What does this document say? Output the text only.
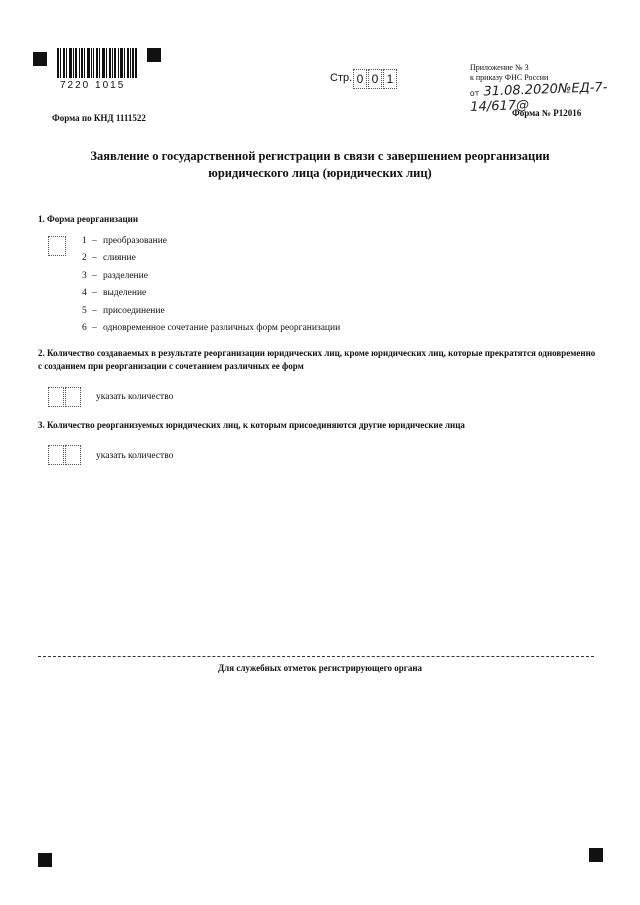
7220 1015
Стр. 0 0 1
Приложение № 3
к приказу ФНС России
от 31.08.2020№ЕД-7-14/617@
Форма по КНД 1111522	Форма № Р12016
Заявление о государственной регистрации в связи с завершением реорганизации юридического лица (юридических лиц)
1. Форма реорганизации
1 – преобразование
2 – слияние
3 – разделение
4 – выделение
5 – присоединение
6 – одновременное сочетание различных форм реорганизации
2. Количество создаваемых в результате реорганизации юридических лиц, кроме юридических лиц, которые прекратятся одновременно с созданием при реорганизации с сочетанием различных ее форм
указать количество
3. Количество реорганизуемых юридических лиц, к которым присоединяются другие юридические лица
указать количество
Для служебных отметок регистрирующего органа
